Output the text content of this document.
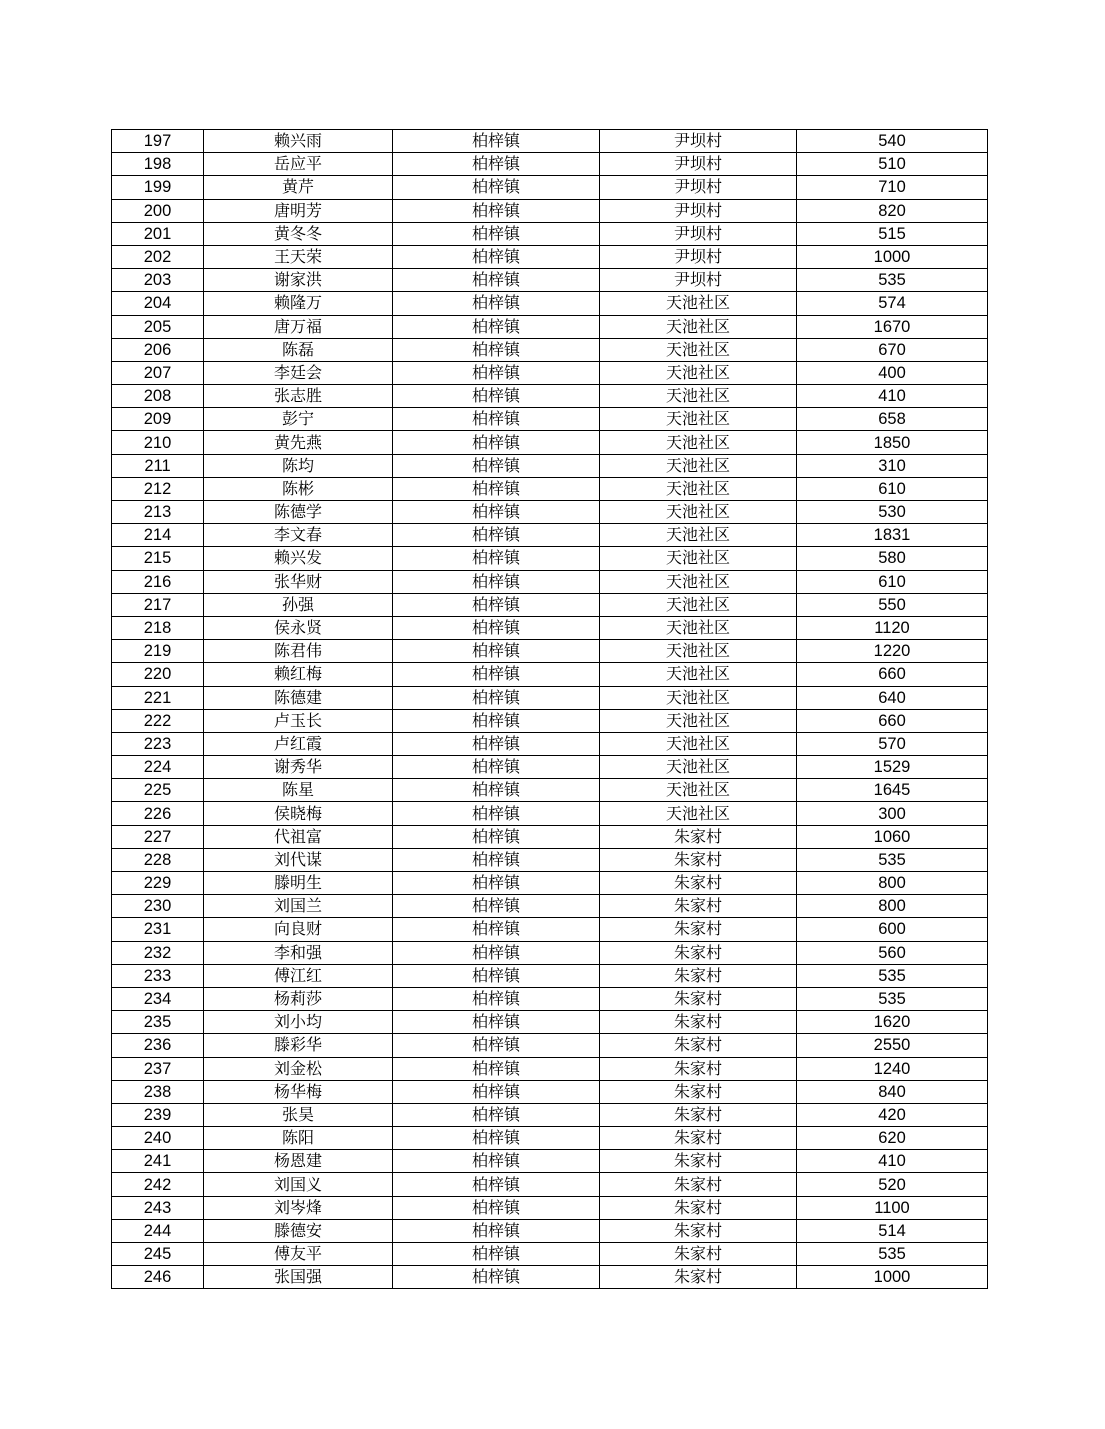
197	赖兴雨	柏梓镇	尹坝村	540
198	岳应平	柏梓镇	尹坝村	510
199	黄芹	柏梓镇	尹坝村	710
200	唐明芳	柏梓镇	尹坝村	820
201	黄冬冬	柏梓镇	尹坝村	515
202	王天荣	柏梓镇	尹坝村	1000
203	谢家洪	柏梓镇	尹坝村	535
204	赖隆万	柏梓镇	天池社区	574
205	唐万福	柏梓镇	天池社区	1670
206	陈磊	柏梓镇	天池社区	670
207	李廷会	柏梓镇	天池社区	400
208	张志胜	柏梓镇	天池社区	410
209	彭宁	柏梓镇	天池社区	658
210	黄先燕	柏梓镇	天池社区	1850
211	陈均	柏梓镇	天池社区	310
212	陈彬	柏梓镇	天池社区	610
213	陈德学	柏梓镇	天池社区	530
214	李文春	柏梓镇	天池社区	1831
215	赖兴发	柏梓镇	天池社区	580
216	张华财	柏梓镇	天池社区	610
217	孙强	柏梓镇	天池社区	550
218	侯永贤	柏梓镇	天池社区	1120
219	陈君伟	柏梓镇	天池社区	1220
220	赖红梅	柏梓镇	天池社区	660
221	陈德建	柏梓镇	天池社区	640
222	卢玉长	柏梓镇	天池社区	660
223	卢红霞	柏梓镇	天池社区	570
224	谢秀华	柏梓镇	天池社区	1529
225	陈星	柏梓镇	天池社区	1645
226	侯晓梅	柏梓镇	天池社区	300
227	代祖富	柏梓镇	朱家村	1060
228	刘代谋	柏梓镇	朱家村	535
229	滕明生	柏梓镇	朱家村	800
230	刘国兰	柏梓镇	朱家村	800
231	向良财	柏梓镇	朱家村	600
232	李和强	柏梓镇	朱家村	560
233	傅江红	柏梓镇	朱家村	535
234	杨莉莎	柏梓镇	朱家村	535
235	刘小均	柏梓镇	朱家村	1620
236	滕彩华	柏梓镇	朱家村	2550
237	刘金松	柏梓镇	朱家村	1240
238	杨华梅	柏梓镇	朱家村	840
239	张昊	柏梓镇	朱家村	420
240	陈阳	柏梓镇	朱家村	620
241	杨恩建	柏梓镇	朱家村	410
242	刘国义	柏梓镇	朱家村	520
243	刘岑烽	柏梓镇	朱家村	1100
244	滕德安	柏梓镇	朱家村	514
245	傅友平	柏梓镇	朱家村	535
246	张国强	柏梓镇	朱家村	1000
